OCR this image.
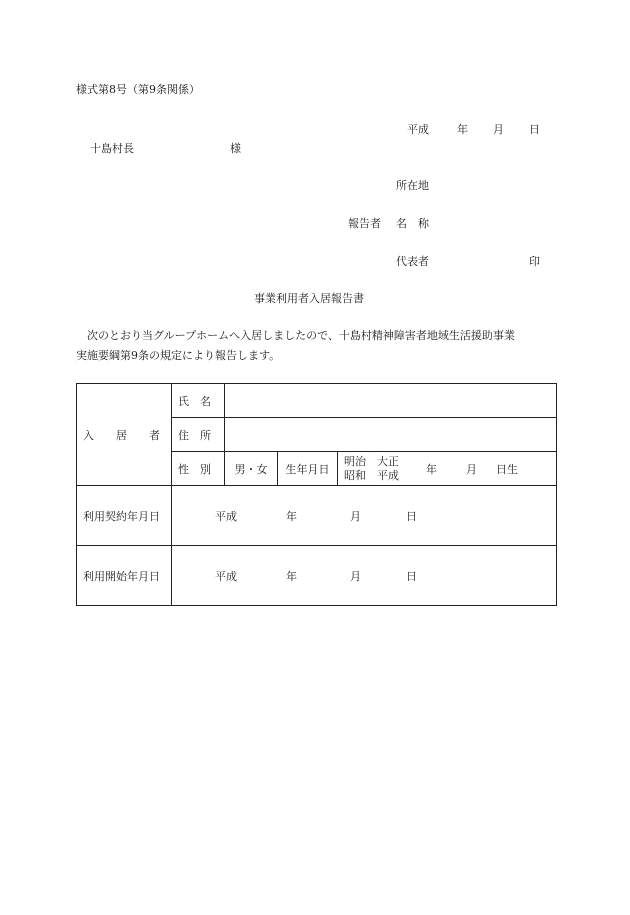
様式第8号（第9条関係）
平成	年 月 日
十島村長	様
所在地
報告者 名　称
代表者	印
事業利用者入居報告書
次のとおり当グループホームへ入居しましたので、十島村精神障害者地域生活援助事業
実施要綱第9条の規定により報告します。
入　　居　　者	氏　名			
	住　所			
	性　別	男・女	生年月日	明治　大正
昭和　平成 年 月 日生

利用契約年月日	平成 年 月 日			
利用開始年月日	平成 年 月 日			
